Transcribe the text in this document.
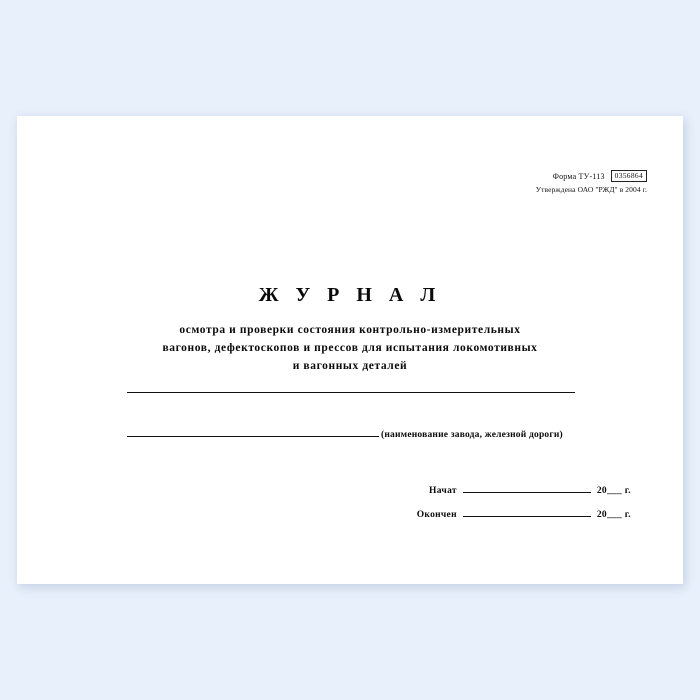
Форма ТУ-113	0356864
Утверждена ОАО "РЖД" в 2004 г.
Ж У Р Н А Л
осмотра и проверки состояния контрольно-измерительных
вагонов, дефектоскопов и прессов для испытания локомотивных
и вагонных деталей
(наименование завода, железной дороги)
Начат	20___ г.
Окончен	20___ г.
